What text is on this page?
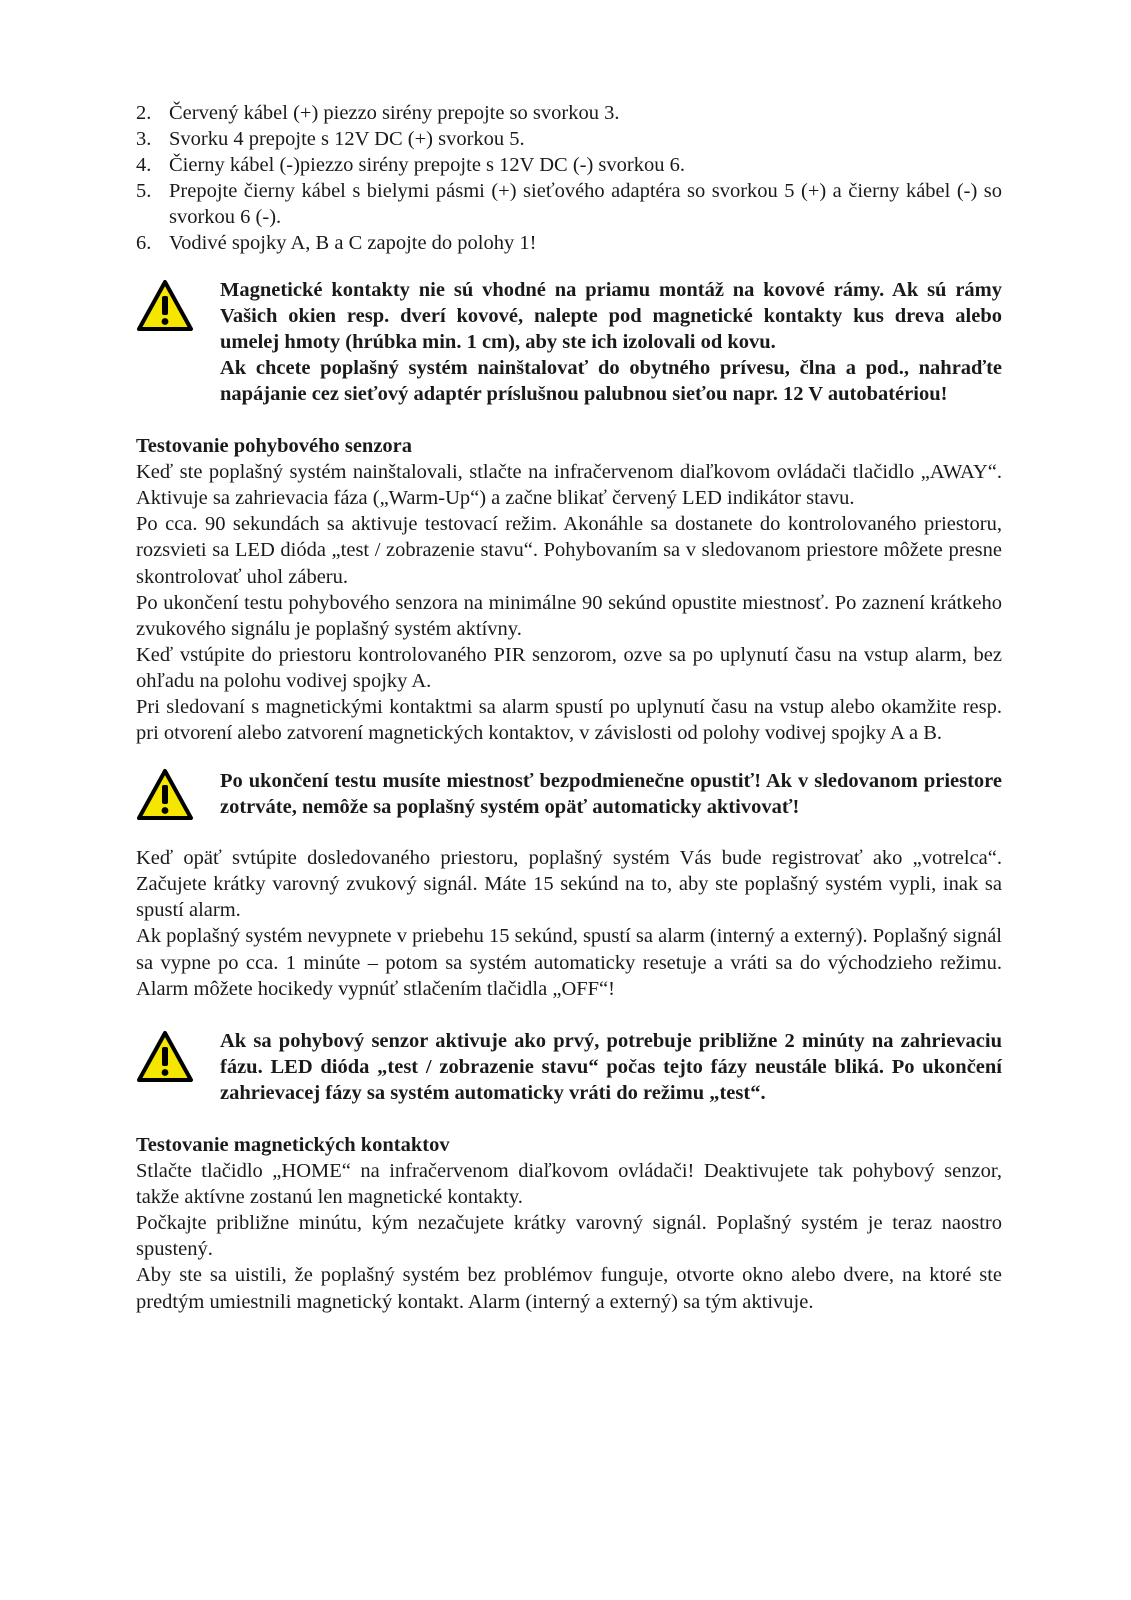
2. Červený kábel (+) piezzo sirény prepojte so svorkou 3.
3. Svorku 4 prepojte s 12V DC (+) svorkou 5.
4. Čierny kábel (-)piezzo sirény prepojte s 12V DC (-) svorkou 6.
5. Prepojte čierny kábel s bielymi pásmi (+) sieťového adaptéra so svorkou 5 (+) a čierny kábel (-) so svorkou 6 (-).
6. Vodivé spojky A, B a C zapojte do polohy 1!

Magnetické kontakty nie sú vhodné na priamu montáž na kovové rámy. Ak sú rámy Vašich okien resp. dverí kovové, nalepte pod magnetické kontakty kus dreva alebo umelej hmoty (hrúbka min. 1 cm), aby ste ich izolovali od kovu.

Ak chcete poplašný systém nainštalovať do obytného prívesu, člna a pod., nahraďte napájanie cez sieťový adaptér príslušnou palubnou sieťou napr. 12 V autobatériou!

Testovanie pohybového senzora

Keď ste poplašný systém nainštalovali, stlačte na infračervenom diaľkovom ovládači tlačidlo „AWAY“. Aktivuje sa zahrievacia fáza („Warm-Up“) a začne blikať červený LED indikátor stavu.

Po cca. 90 sekundách sa aktivuje testovací režim. Akonáhle sa dostanete do kontrolovaného priestoru, rozsvieti sa LED dióda „test / zobrazenie stavu“. Pohybovaním sa v sledovanom priestore môžete presne skontrolovať uhol záberu.

Po ukončení testu pohybového senzora na minimálne 90 sekúnd opustite miestnosť. Po zaznení krátkeho zvukového signálu je poplašný systém aktívny.

Keď vstúpite do priestoru kontrolovaného PIR senzorom, ozve sa po uplynutí času na vstup alarm, bez ohľadu na polohu vodivej spojky A.

Pri sledovaní s magnetickými kontaktmi sa alarm spustí po uplynutí času na vstup alebo okamžite resp. pri otvorení alebo zatvorení magnetických kontaktov, v závislosti od polohy vodivej spojky A a B.

Po ukončení testu musíte miestnosť bezpodmienečne opustiť! Ak v sledovanom priestore zotrváte, nemôže sa poplašný systém opäť automaticky aktivovať!

Keď opäť svtúpite dosledovaného priestoru, poplašný systém Vás bude registrovať ako „votrelca“. Začujete krátky varovný zvukový signál. Máte 15 sekúnd na to, aby ste poplašný systém vypli, inak sa spustí alarm.

Ak poplašný systém nevypnete v priebehu 15 sekúnd, spustí sa alarm (interný a externý). Poplašný signál sa vypne po cca. 1 minúte – potom sa systém automaticky resetuje a vráti sa do východzieho režimu. Alarm môžete hocikedy vypnúť stlačením tlačidla „OFF“!

Ak sa pohybový senzor aktivuje ako prvý, potrebuje približne 2 minúty na zahrievaciu fázu. LED dióda „test / zobrazenie stavu“ počas tejto fázy neustále bliká. Po ukončení zahrievacej fázy sa systém automaticky vráti do režimu „test“.
Testovanie magnetických kontaktov

Stlačte tlačidlo „HOME“ na infračervenom diaľkovom ovládači! Deaktivujete tak pohybový senzor, takže aktívne zostanú len magnetické kontakty.

Počkajte približne minútu, kým nezačujete krátky varovný signál. Poplašný systém je teraz naostro spustený.

Aby ste sa uistili, že poplašný systém bez problémov funguje, otvorte okno alebo dvere, na ktoré ste predtým umiestnili magnetický kontakt. Alarm (interný a externý) sa tým aktivuje.
